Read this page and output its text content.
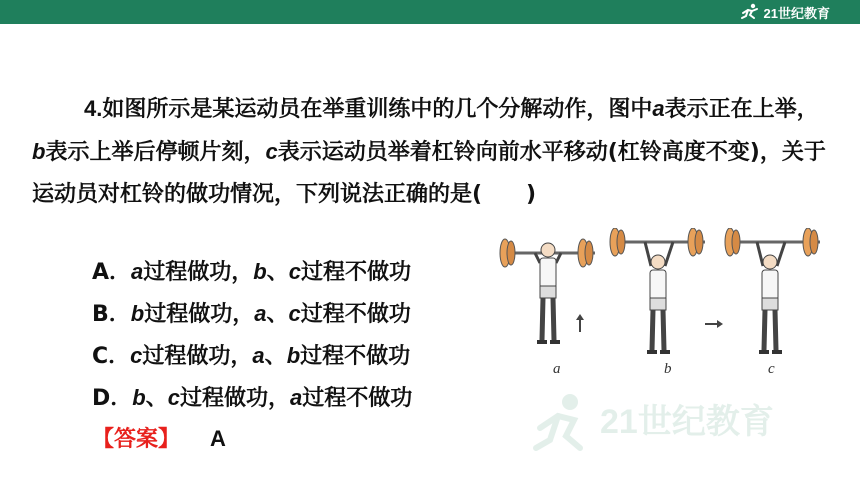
21世纪教育
4.如图所示是某运动员在举重训练中的几个分解动作，图中a表示正在上举，b表示上举后停顿片刻，c表示运动员举着杠铃向前水平移动(杠铃高度不变)，关于运动员对杠铃的做功情况，下列说法正确的是(　　)
A．a过程做功，b、c过程不做功
B．b过程做功，a、c过程不做功
C．c过程做功，a、b过程不做功
D．b、c过程做功，a过程不做功
【答案】 A
a	b	c
21世纪教育
